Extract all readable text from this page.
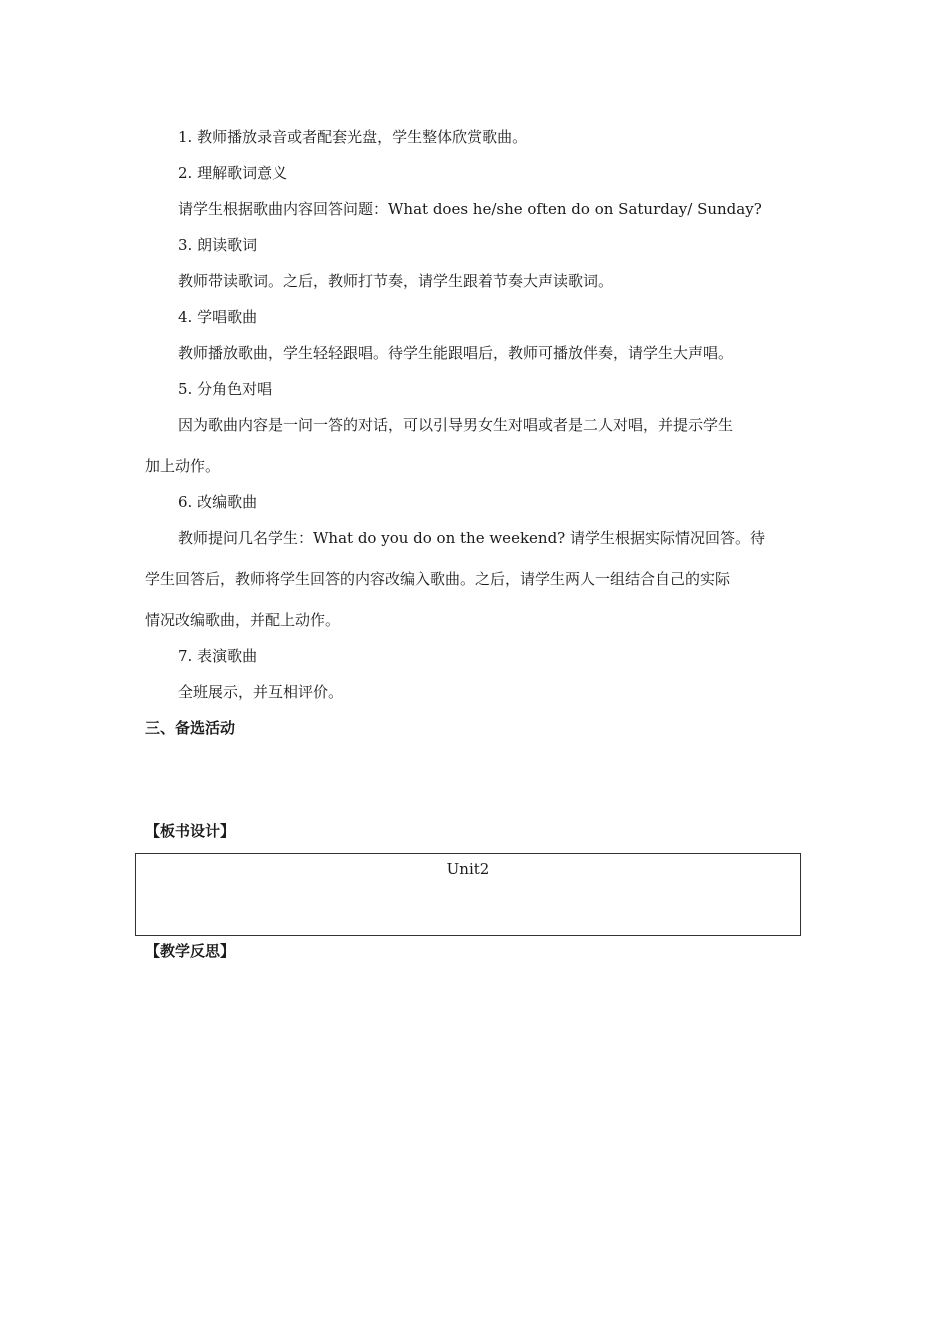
1. 教师播放录音或者配套光盘，学生整体欣赏歌曲。
2. 理解歌词意义
请学生根据歌曲内容回答问题：What does he/she often do on Saturday/ Sunday?
3. 朗读歌词
教师带读歌词。之后，教师打节奏，请学生跟着节奏大声读歌词。
4. 学唱歌曲
教师播放歌曲，学生轻轻跟唱。待学生能跟唱后，教师可播放伴奏，请学生大声唱。
5. 分角色对唱
因为歌曲内容是一问一答的对话，可以引导男女生对唱或者是二人对唱，并提示学生
加上动作。
6. 改编歌曲
教师提问几名学生：What do you do on the weekend? 请学生根据实际情况回答。待
学生回答后，教师将学生回答的内容改编入歌曲。之后，请学生两人一组结合自己的实际
情况改编歌曲，并配上动作。
7. 表演歌曲
全班展示，并互相评价。
三、备选活动
【板书设计】
Unit2
【教学反思】
